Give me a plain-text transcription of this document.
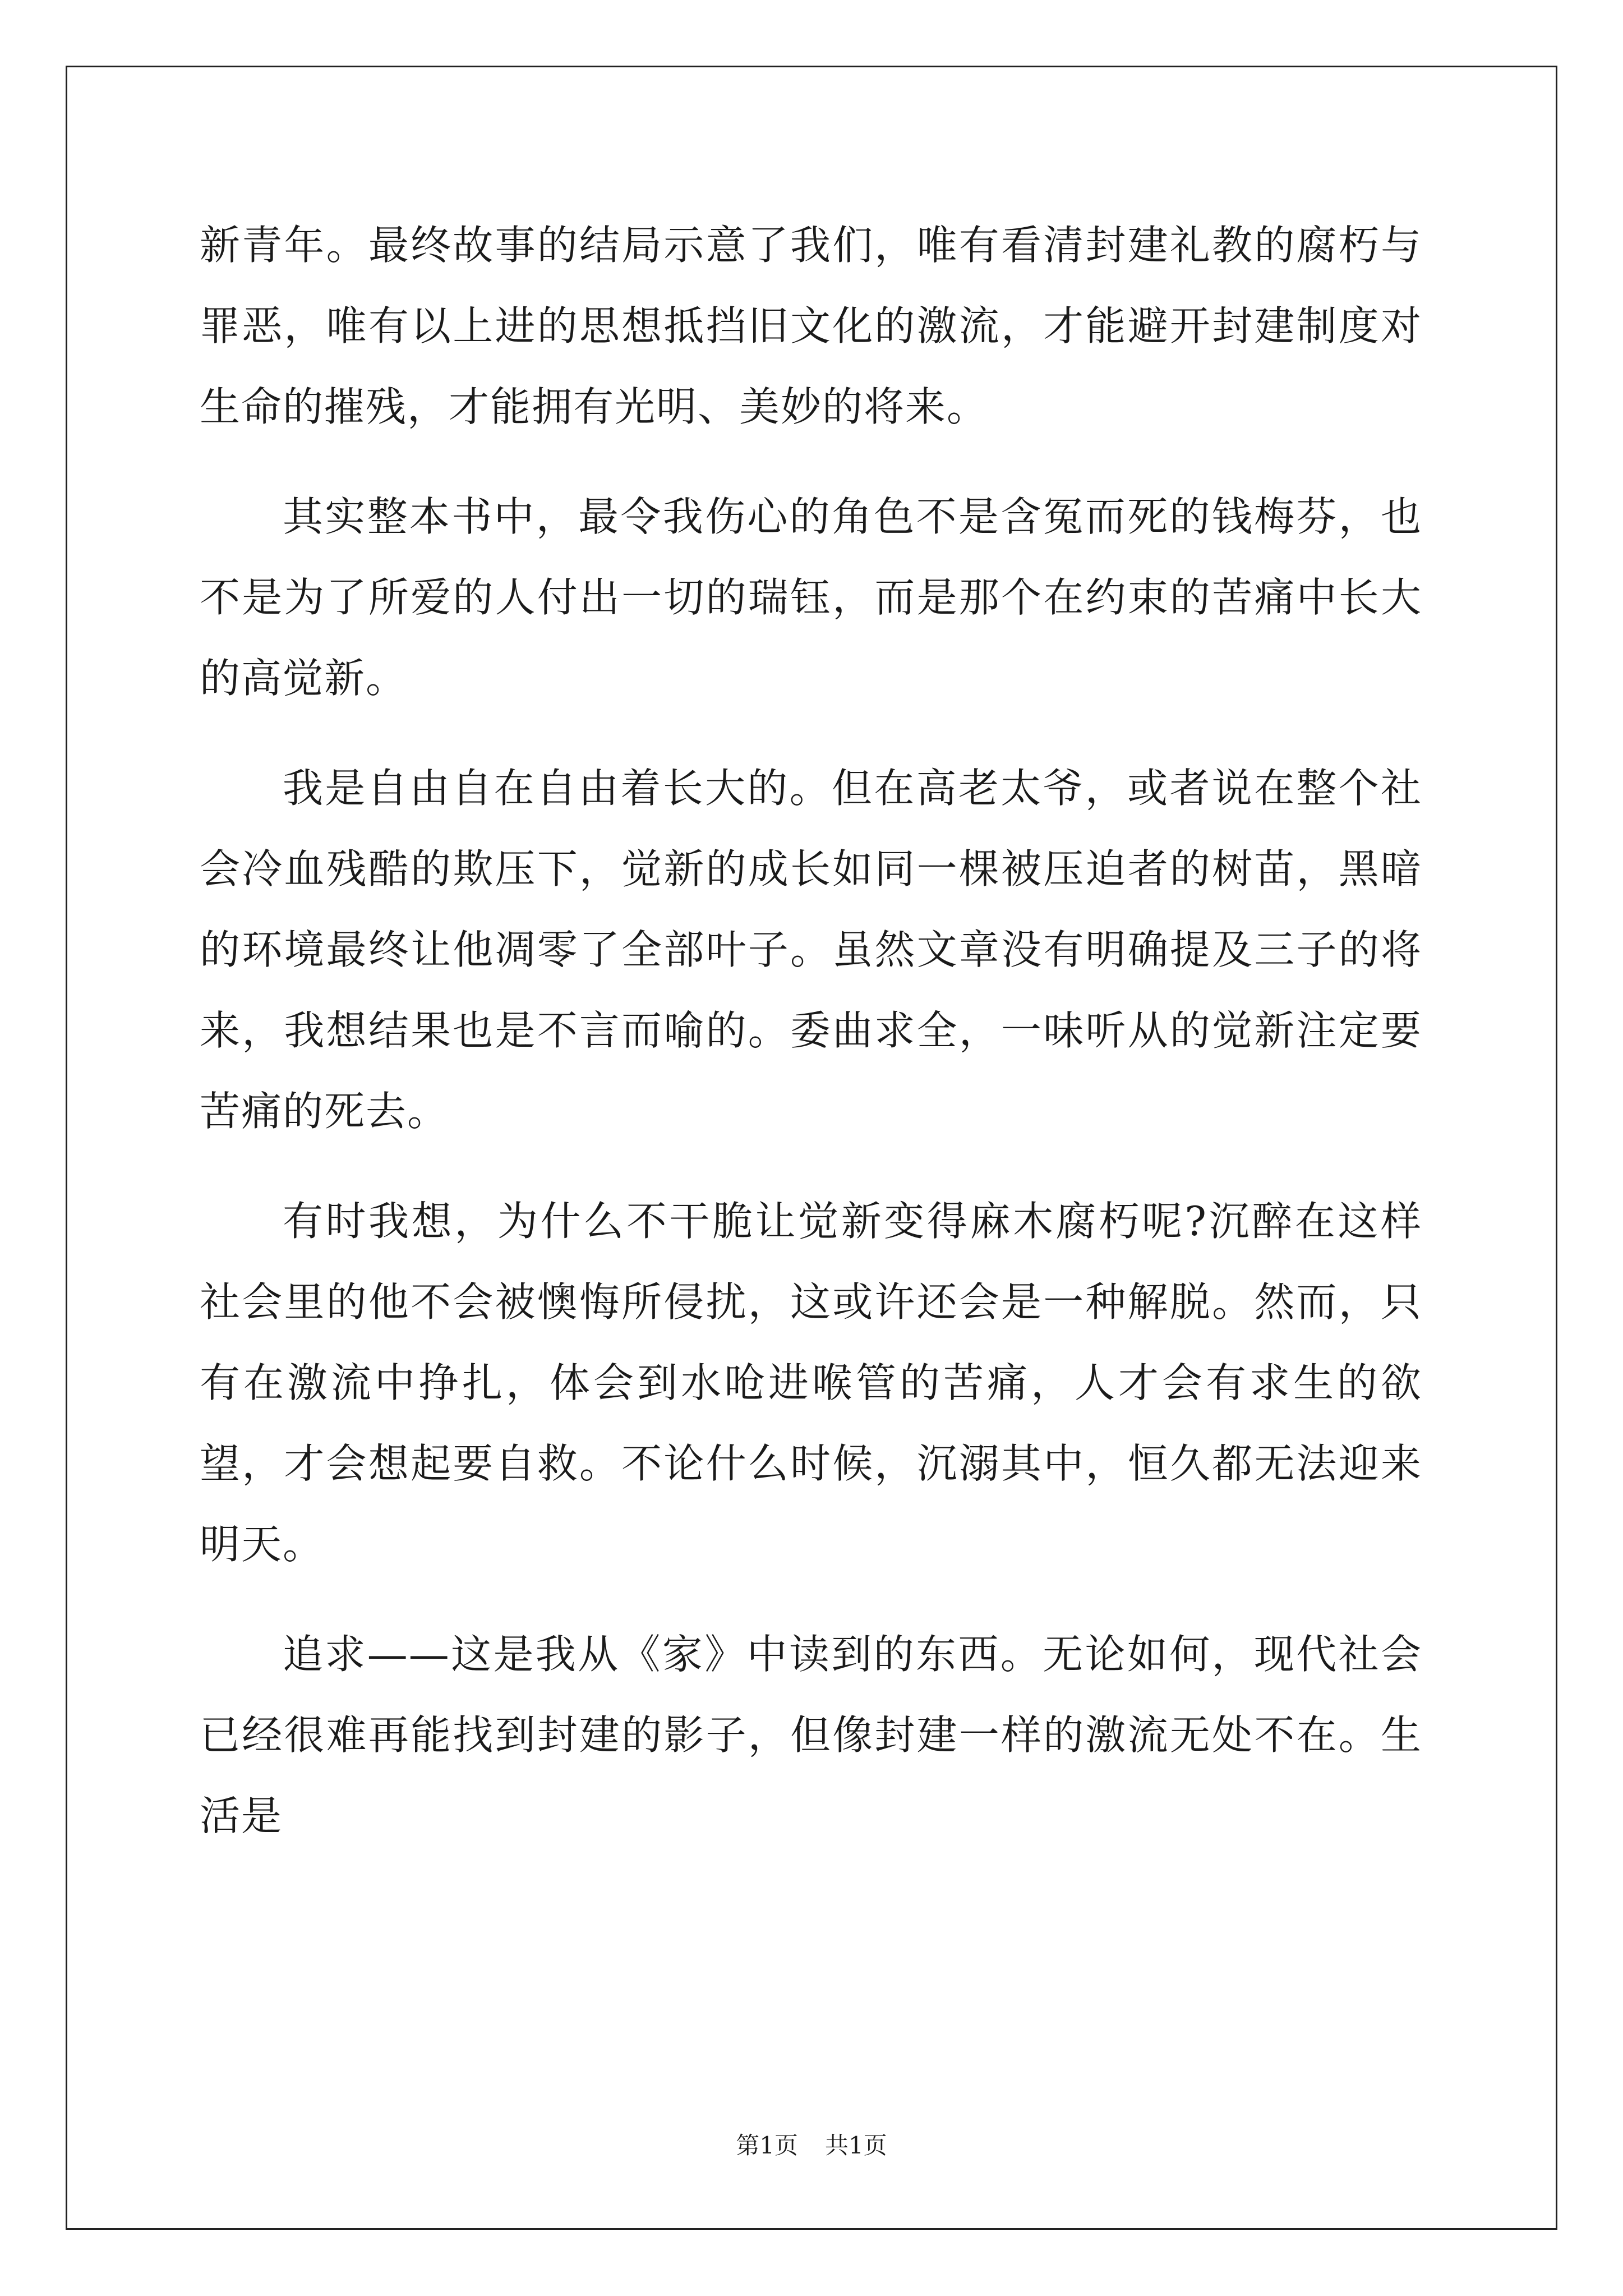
新青年。最终故事的结局示意了我们，唯有看清封建礼教的腐朽与罪恶，唯有以上进的思想抵挡旧文化的激流，才能避开封建制度对生命的摧残，才能拥有光明、美妙的将来。

其实整本书中，最令我伤心的角色不是含冤而死的钱梅芬，也不是为了所爱的人付出一切的瑞钰，而是那个在约束的苦痛中长大的高觉新。

我是自由自在自由着长大的。但在高老太爷，或者说在整个社会冷血残酷的欺压下，觉新的成长如同一棵被压迫者的树苗，黑暗的环境最终让他凋零了全部叶子。虽然文章没有明确提及三子的将来，我想结果也是不言而喻的。委曲求全，一味听从的觉新注定要苦痛的死去。

有时我想，为什么不干脆让觉新变得麻木腐朽呢?沉醉在这样社会里的他不会被懊悔所侵扰，这或许还会是一种解脱。然而，只有在激流中挣扎，体会到水呛进喉管的苦痛，人才会有求生的欲望，才会想起要自救。不论什么时候，沉溺其中，恒久都无法迎来明天。

追求——这是我从《家》中读到的东西。无论如何，现代社会已经很难再能找到封建的影子，但像封建一样的激流无处不在。生活是

第1页 共1页
